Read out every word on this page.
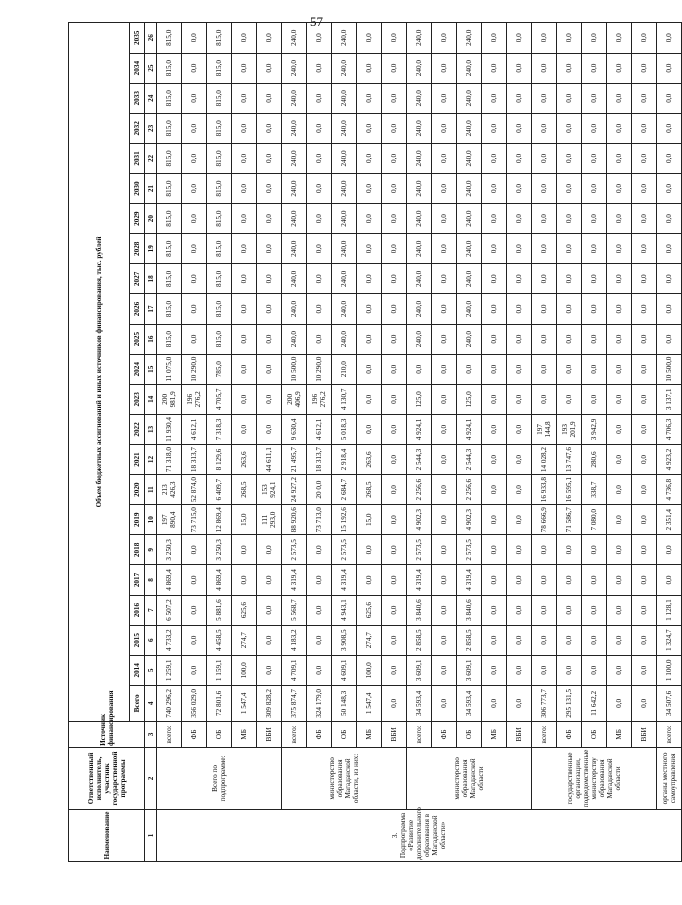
57
Наименование	Ответственный исполнитель, участник государственной программы	Источник финансирования	Объем бюджетных ассигнований и иных источников финансирования, тыс. рублей																						
			Всего	2014	2015	2016	2017	2018	2019	2020	2021	2022	2023	2024	2025	2026	2027	2028	2029	2030	2031	2032	2033	2034	2035
1	2	3	4	5	6	7	8	9	10	11	12	13	14	15	16	17	18	19	20	21	22	23	24	25	26
3. Подпрограмма «Развитие дополнительного образования в Магаданской области»	Всего по подпрограмме:	всего:	740 296,2	1 259,1	4 733,2	6 507,2	4 869,4	3 250,3	197 890,4	213 426,3	71 318,0	11 930,4	200 981,9	11 075,0	815,0	815,0	815,0	815,0	815,0	815,0	815,0	815,0	815,0	815,0	815,0
		ФБ	356 029,0	0,0	0,0	0,0	0,0	0,0	73 715,0	52 874,0	18 313,7	4 612,1	196 276,2	10 290,0	0,0	0,0	0,0	0,0	0,0	0,0	0,0	0,0	0,0	0,0	0,0
		ОБ	72 801,6	1 159,1	4 458,5	5 881,6	4 869,4	3 250,3	12 869,4	6 409,7	8 129,6	7 318,3	4 705,7	785,0	815,0	815,0	815,0	815,0	815,0	815,0	815,0	815,0	815,0	815,0	815,0
		МБ	1 547,4	100,0	274,7	625,6	0,0	0,0	15,0	268,5	263,6	0,0	0,0	0,0	0,0	0,0	0,0	0,0	0,0	0,0	0,0	0,0	0,0	0,0	0,0
		ВБИ	309 828,2	0,0	0,0	0,0	0,0	0,0	111 293,0	153 924,1	44 611,1	0,0	0,0	0,0	0,0	0,0	0,0	0,0	0,0	0,0	0,0	0,0	0,0	0,0	0,0
	министерство образования Магаданской области, из них:	всего:	375 874,7	4 709,1	4 183,2	5 568,7	4 319,4	2 573,5	88 920,6	24 927,2	21 495,7	9 630,4	200 406,9	10 500,0	240,0	240,0	240,0	240,0	240,0	240,0	240,0	240,0	240,0	240,0	240,0
		ФБ	324 179,0	0,0	0,0	0,0	0,0	0,0	73 713,0	20 0,0	18 313,7	4 612,1	196 276,2	10 290,0	0,0	0,0	0,0	0,0	0,0	0,0	0,0	0,0	0,0	0,0	0,0
		ОБ	50 148,3	4 609,1	3 908,5	4 943,1	4 319,4	2 573,5	15 192,6	2 684,7	2 918,4	5 018,3	4 130,7	210,0	240,0	240,0	240,0	240,0	240,0	240,0	240,0	240,0	240,0	240,0	240,0
		МБ	1 547,4	100,0	274,7	625,6	0,0	0,0	15,0	268,5	263,6	0,0	0,0	0,0	0,0	0,0	0,0	0,0	0,0	0,0	0,0	0,0	0,0	0,0	0,0
		ВБИ	0,0	0,0	0,0	0,0	0,0	0,0	0,0	0,0	0,0	0,0	0,0	0,0	0,0	0,0	0,0	0,0	0,0	0,0	0,0	0,0	0,0	0,0	0,0
	министерство образования Магаданской области	всего:	34 593,4	3 609,1	2 858,5	3 840,6	4 319,4	2 573,5	4 902,3	2 256,6	2 544,3	4 924,1	125,0	0,0	240,0	240,0	240,0	240,0	240,0	240,0	240,0	240,0	240,0	240,0	240,0
		ФБ	0,0	0,0	0,0	0,0	0,0	0,0	0,0	0,0	0,0	0,0	0,0	0,0	0,0	0,0	0,0	0,0	0,0	0,0	0,0	0,0	0,0	0,0	0,0
		ОБ	34 593,4	3 609,1	2 858,5	3 840,6	4 319,4	2 573,5	4 902,3	2 256,6	2 544,3	4 924,1	125,0	0,0	240,0	240,0	240,0	240,0	240,0	240,0	240,0	240,0	240,0	240,0	240,0
		МБ	0,0	0,0	0,0	0,0	0,0	0,0	0,0	0,0	0,0	0,0	0,0	0,0	0,0	0,0	0,0	0,0	0,0	0,0	0,0	0,0	0,0	0,0	0,0
		ВБИ	0,0	0,0	0,0	0,0	0,0	0,0	0,0	0,0	0,0	0,0	0,0	0,0	0,0	0,0	0,0	0,0	0,0	0,0	0,0	0,0	0,0	0,0	0,0
	государственные организации, подведомственные министерству образования Магаданской области	всего:	306 773,7	0,0	0,0	0,0	0,0	0,0	78 666,9	16 933,8	14 028,2	197 144,8	0,0	0,0	0,0	0,0	0,0	0,0	0,0	0,0	0,0	0,0	0,0	0,0	0,0
		ФБ	295 131,5	0,0	0,0	0,0	0,0	0,0	71 586,7	16 595,1	13 747,6	193 201,9	0,0	0,0	0,0	0,0	0,0	0,0	0,0	0,0	0,0	0,0	0,0	0,0	0,0
		ОБ	11 642,2	0,0	0,0	0,0	0,0	0,0	7 080,0	338,7	280,6	3 942,9	0,0	0,0	0,0	0,0	0,0	0,0	0,0	0,0	0,0	0,0	0,0	0,0	0,0
		МБ	0,0	0,0	0,0	0,0	0,0	0,0	0,0	0,0	0,0	0,0	0,0	0,0	0,0	0,0	0,0	0,0	0,0	0,0	0,0	0,0	0,0	0,0	0,0
		ВБИ	0,0	0,0	0,0	0,0	0,0	0,0	0,0	0,0	0,0	0,0	0,0	0,0	0,0	0,0	0,0	0,0	0,0	0,0	0,0	0,0	0,0	0,0	0,0
	органы местного самоуправления	всего:	34 507,6	1 100,0	1 324,7	1 128,1	0,0	0,0	2 351,4	4 736,8	4 923,2	4 706,3	3 137,1	10 500,0	0,0	0,0	0,0	0,0	0,0	0,0	0,0	0,0	0,0	0,0	0,0
